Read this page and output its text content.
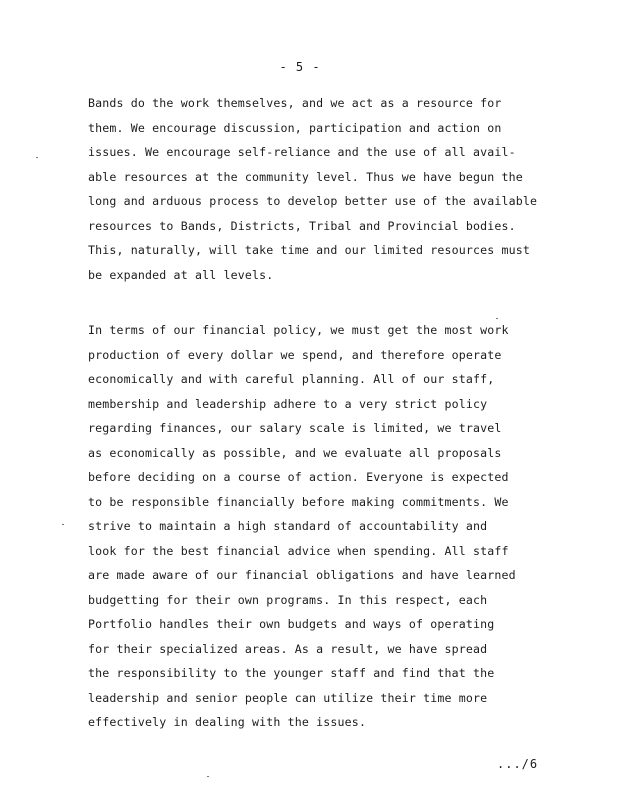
- 5 -
Bands do the work themselves, and we act as a resource for
them. We encourage discussion, participation and action on
issues. We encourage self-reliance and the use of all avail-
able resources at the community level. Thus we have begun the
long and arduous process to develop better use of the available
resources to Bands, Districts, Tribal and Provincial bodies.
This, naturally, will take time and our limited resources must
be expanded at all levels.
In terms of our financial policy, we must get the most work
production of every dollar we spend, and therefore operate
economically and with careful planning. All of our staff,
membership and leadership adhere to a very strict policy
regarding finances, our salary scale is limited, we travel
as economically as possible, and we evaluate all proposals
before deciding on a course of action. Everyone is expected
to be responsible financially before making commitments. We
strive to maintain a high standard of accountability and
look for the best financial advice when spending. All staff
are made aware of our financial obligations and have learned
budgetting for their own programs. In this respect, each
Portfolio handles their own budgets and ways of operating
for their specialized areas. As a result, we have spread
the responsibility to the younger staff and find that the
leadership and senior people can utilize their time more
effectively in dealing with the issues.
.../6
